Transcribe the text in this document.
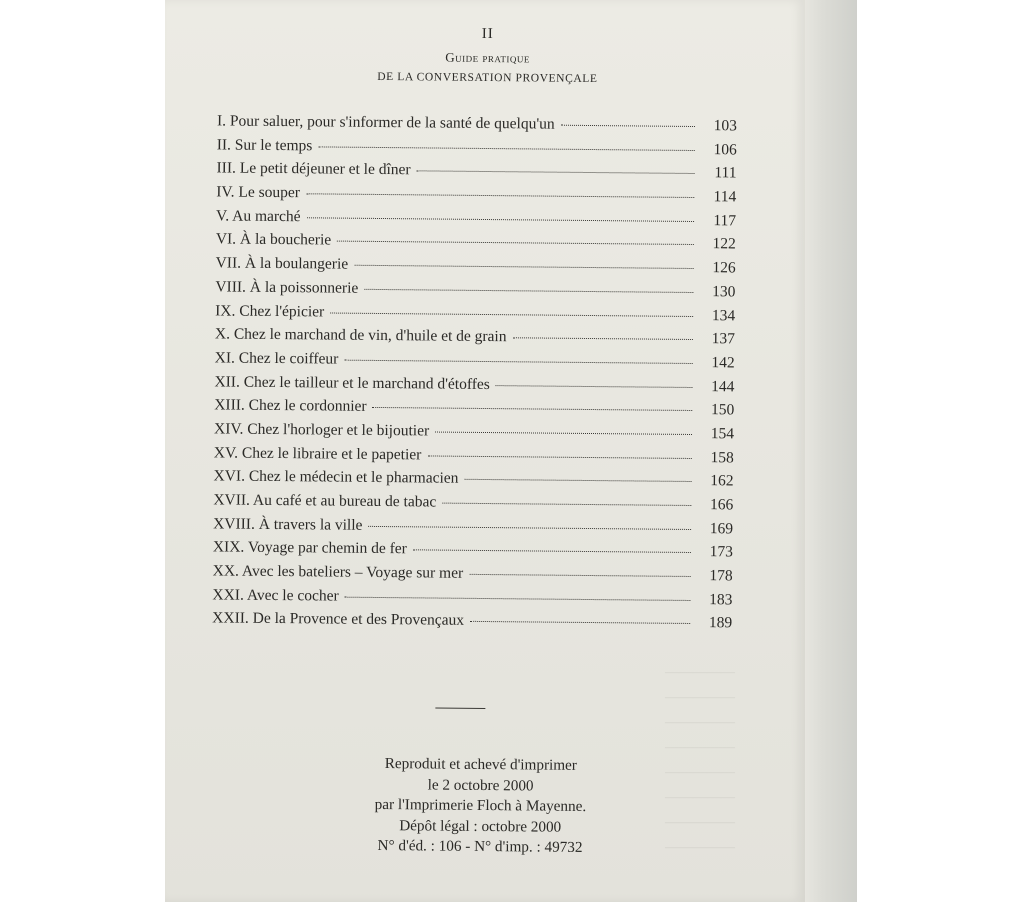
—————
—————
—————
—————
—————
—————
—————
—————
II
Guide pratique
DE LA CONVERSATION PROVENÇALE
I. Pour saluer, pour s'informer de la santé de quelqu'un	103
II. Sur le temps	106
III. Le petit déjeuner et le dîner	111
IV. Le souper	114
V. Au marché	117
VI. À la boucherie	122
VII. À la boulangerie	126
VIII. À la poissonnerie	130
IX. Chez l'épicier	134
X. Chez le marchand de vin, d'huile et de grain	137
XI. Chez le coiffeur	142
XII. Chez le tailleur et le marchand d'étoffes	144
XIII. Chez le cordonnier	150
XIV. Chez l'horloger et le bijoutier	154
XV. Chez le libraire et le papetier	158
XVI. Chez le médecin et le pharmacien	162
XVII. Au café et au bureau de tabac	166
XVIII. À travers la ville	169
XIX. Voyage par chemin de fer	173
XX. Avec les bateliers – Voyage sur mer	178
XXI. Avec le cocher	183
XXII. De la Provence et des Provençaux	189
Reproduit et achevé d'imprimer
le 2 octobre 2000
par l'Imprimerie Floch à Mayenne.
Dépôt légal : octobre 2000
N° d'éd. : 106 - N° d'imp. : 49732
